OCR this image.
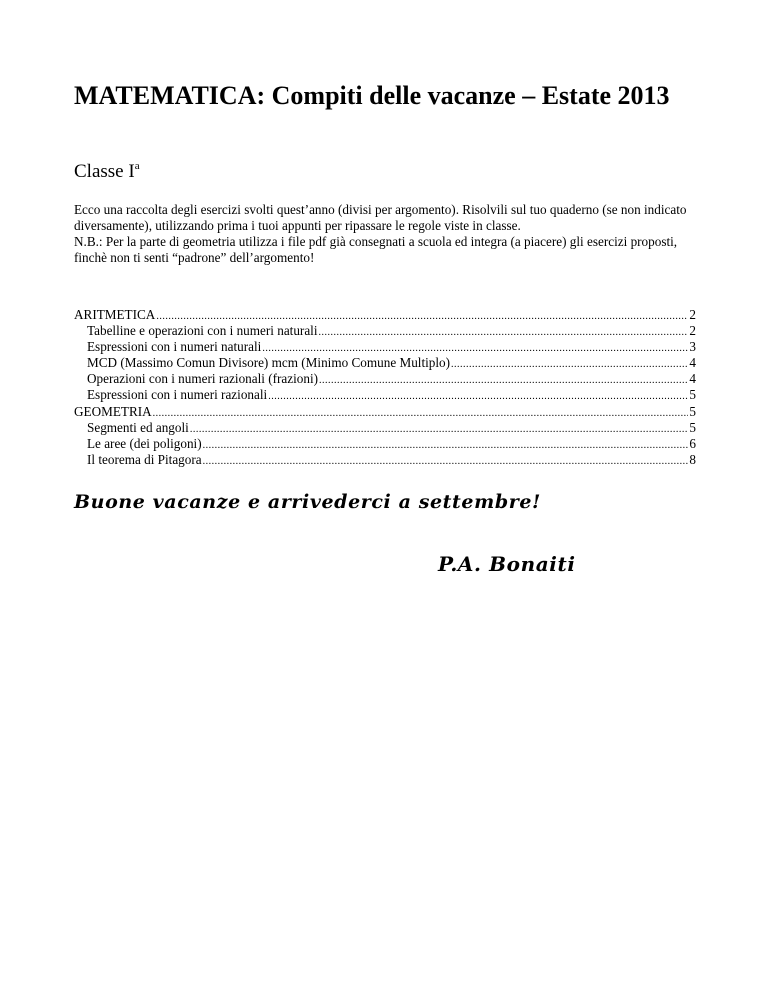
MATEMATICA: Compiti delle vacanze – Estate 2013

Classe $I^a$

Ecco una raccolta degli esercizi svolti quest’anno (divisi per argomento). Risolvili sul tuo quaderno (se non indicato diversamente), utilizzando prima i tuoi appunti per ripassare le regole viste in classe.

N.B.: Per la parte di geometria utilizza i file pdf già consegnati a scuola ed integra (a piacere) gli esercizi proposti, finchè non ti senti “padrone” dell’argomento!

ARITMETICA .....	2
Tabelline e operazioni con i numeri naturali .....	2
Espressioni con i numeri naturali .....	3
MCD (Massimo Comun Divisore) mcm (Minimo Comune Multiplo) .....	4
Operazioni con i numeri razionali (frazioni) .....	4
Espressioni con i numeri razionali .....	5
GEOMETRIA .....	5
Segmenti ed angoli .....	5
Le aree (dei poligoni) .....	6
Il teorema di Pitagora .....	8

Buone vacanze e arrivederci a settembre!

P.A. Bonaiti
